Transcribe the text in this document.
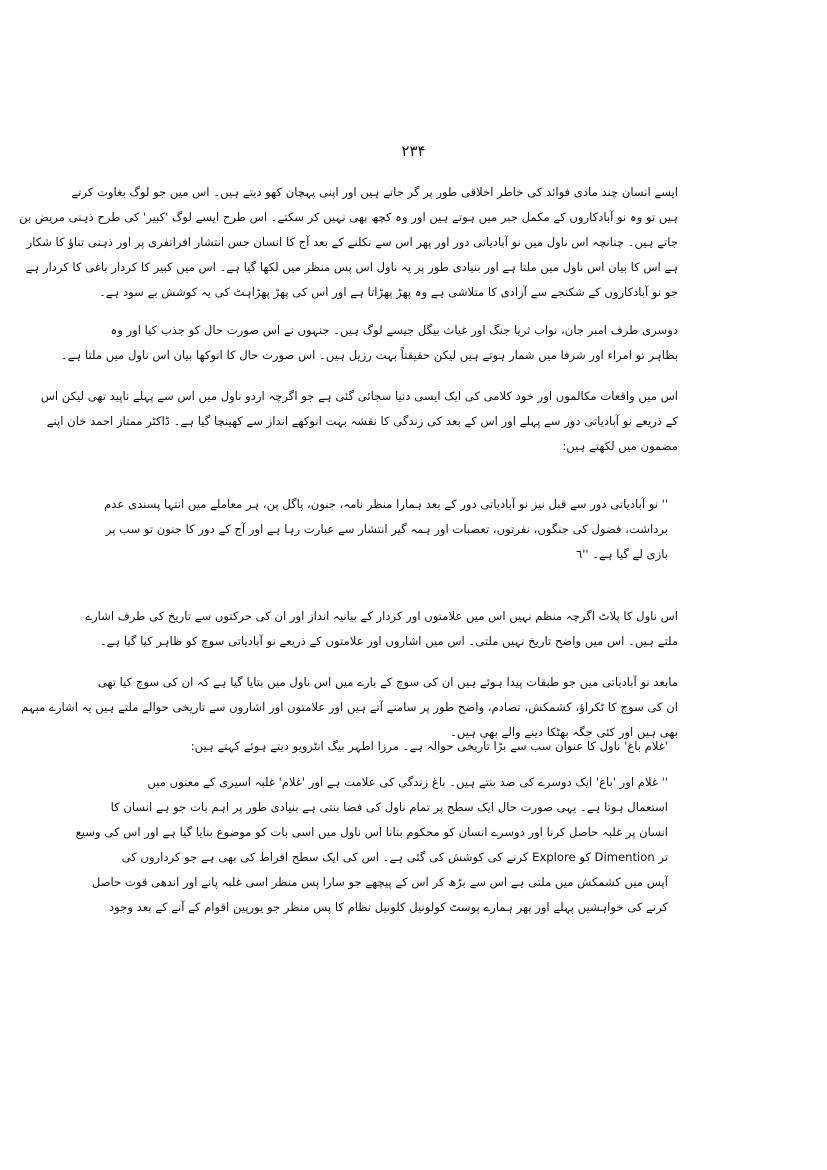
۲۳۴
ایسے انسان چند مادی فوائد کی خاطر اخلاقی طور پر گر جاتے ہیں اور اپنی پہچان کھو دیتے ہیں۔ اس میں جو لوگ بغاوت کرتے
ہیں تو وہ نو آبادکاروں کے مکمل جبر میں ہوتے ہیں اور وہ کچھ بھی نہیں کر سکتے۔ اس طرح ایسے لوگ 'کبیر' کی طرح ذہنی مریض بن
جاتے ہیں۔ چنانچہ اس ناول میں نو آبادیاتی دور اور پھر اس سے نکلنے کے بعد آج کا انسان جس انتشار افراتفری پر اور ذہنی تناؤ کا شکار
ہے اس کا بیان اس ناول میں ملتا ہے اور بنیادی طور پر یہ ناول اس پس منظر میں لکھا گیا ہے۔ اس میں کبیر کا کردار باغی کا کردار ہے
جو نو آبادکاروں کے شکنجے سے آزادی کا متلاشی ہے وہ پھڑ پھڑاتا ہے اور اس کی پھڑ پھڑاہٹ کی یہ کوشش بے سود ہے۔
دوسری طرف امبر جان، نواب ثریا جنگ اور غیاث بیگل جیسے لوگ ہیں۔ جنہوں نے اس صورت حال کو جذب کیا اور وہ
بظاہر تو امراء اور شرفا میں شمار ہوتے ہیں لیکن حقیقتاً بہت رزیل ہیں۔ اس صورت حال کا انوکھا بیان اس ناول میں ملتا ہے۔
اس میں واقعات مکالموں اور خود کلامی کی ایک ایسی دنیا سجائی گئی ہے جو اگرچہ اردو ناول میں اس سے پہلے ناپید تھی لیکن اس
کے ذریعے نو آبادیاتی دور سے پہلے اور اس کے بعد کی زندگی کا نقشہ بہت انوکھے انداز سے کھینچا گیا ہے۔ ڈاکٹر ممتاز احمد خان اپنے
مضمون میں لکھتے ہیں:
'' نو آبادیاتی دور سے قبل نیز نو آبادیاتی دور کے بعد ہمارا منظر نامہ، جنون، پاگل پن، ہر معاملے میں انتہا پسندی عدم
برداشت، فضول کی جنگوں، نفرتوں، تعصبات اور ہمہ گیر انتشار سے عبارت رہا ہے اور آج کے دور کا جنون تو سب پر
بازی لے گیا ہے۔ ''٦
اس ناول کا پلاٹ اگرچہ منظم نہیں اس میں علامتوں اور کردار کے بیانیہ انداز اور ان کی حرکتوں سے تاریخ کی طرف اشارے
ملتے ہیں۔ اس میں واضح تاریخ نہیں ملتی۔ اس میں اشاروں اور علامتوں کے ذریعے نو آبادیاتی سوچ کو ظاہر کیا گیا ہے۔
مابعد نو آبادیاتی میں جو طبقات پیدا ہوئے ہیں ان کی سوچ کے بارے میں اس ناول میں بتایا گیا ہے کہ ان کی سوچ کیا تھی
ان کی سوچ کا ٹکراؤ، کشمکش، تصادم، واضح طور پر سامنے آتے ہیں اور علامتوں اور اشاروں سے تاریخی حوالے ملتے ہیں یہ اشارے مبہم
بھی ہیں اور کئی جگہ بھٹکا دینے والے بھی ہیں۔
'غلام باغ' ناول کا عنوان سب سے بڑا تاریخی حوالہ ہے۔ مرزا اطہر بیگ انٹرویو دیتے ہوئے کہتے ہیں:
'' غلام اور 'باغ' ایک دوسرے کی ضد بنتے ہیں۔ باغ زندگی کی علامت ہے اور 'غلام' غلبہ اسیری کے معنوں میں
استعمال ہوتا ہے۔ یہی صورت حال ایک سطح پر تمام ناول کی فضا بنتی ہے بنیادی طور پر اہم بات جو ہے انسان کا
انسان پر غلبہ حاصل کرنا اور دوسرے انسان کو محکوم بنانا اس ناول میں اسی بات کو موضوع بنایا گیا ہے اور اس کی وسیع
تر Dimention کو Explore کرنے کی کوشش کی گئی ہے۔ اس کی ایک سطح افراط کی بھی ہے جو کرداروں کی
آپس میں کشمکش میں ملتی ہے اس سے بڑھ کر اس کے پیچھے جو سارا پس منظر اسی غلبہ پانے اور اندھی قوت حاصل
کرنے کی خواہشیں پہلے اور پھر ہمارے پوسٹ کولونیل کلونیل نظام کا پس منظر جو یورپین اقوام کے آنے کے بعد وجود
